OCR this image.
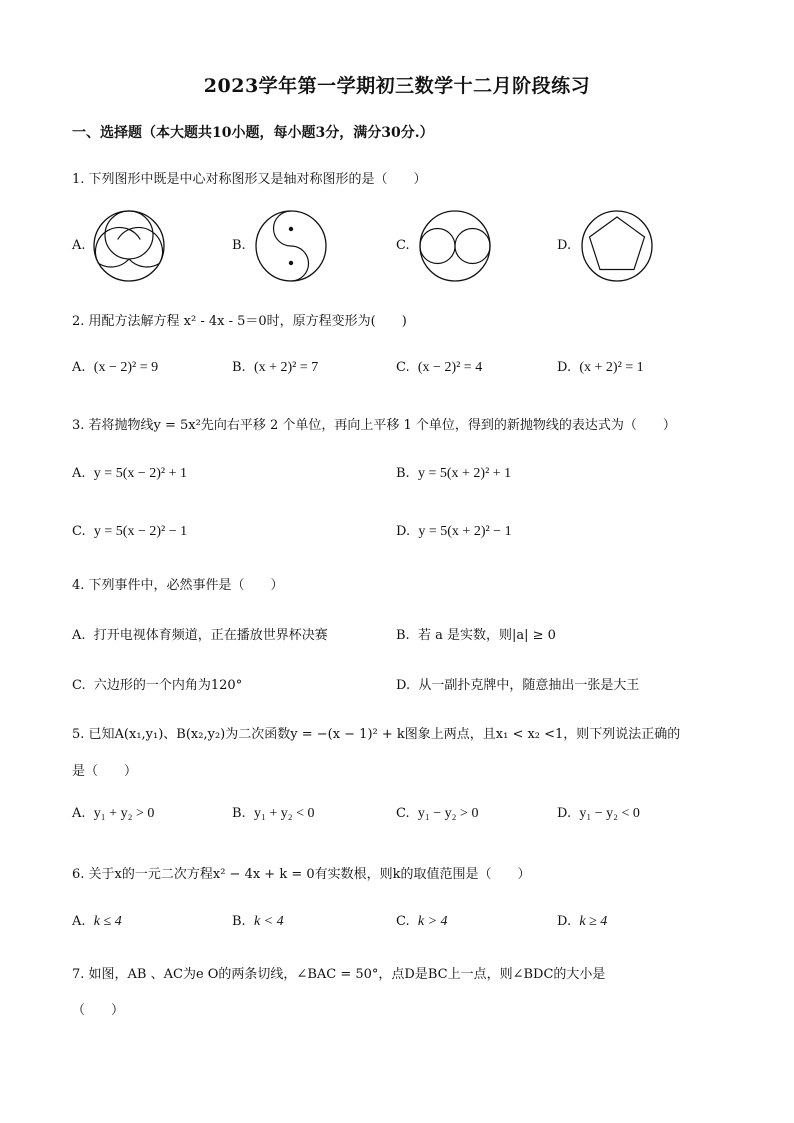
2023学年第一学期初三数学十二月阶段练习
一、选择题（本大题共10小题，每小题3分，满分30分.）
1. 下列图形中既是中心对称图形又是轴对称图形的是（　　）
A.	B.	C.	D.
2. 用配方法解方程 x² - 4x - 5＝0时，原方程变形为(　　)
A. (x − 2)² = 9	B. (x + 2)² = 7	C. (x − 2)² = 4	D. (x + 2)² = 1
3. 若将抛物线y = 5x²先向右平移 2 个单位，再向上平移 1 个单位，得到的新抛物线的表达式为（　　）
A. y = 5(x − 2)² + 1	B. y = 5(x + 2)² + 1
C. y = 5(x − 2)² − 1	D. y = 5(x + 2)² − 1
4. 下列事件中，必然事件是（　　）
A. 打开电视体育频道，正在播放世界杯决赛	B. 若 a 是实数，则|a| ≥ 0
C. 六边形的一个内角为120°	D. 从一副扑克牌中，随意抽出一张是大王
5. 已知A(x₁,y₁)、B(x₂,y₂)为二次函数y = −(x − 1)² + k图象上两点，且x₁ < x₂ <1，则下列说法正确的
是（　　）
A. y₁ + y₂ > 0	B. y₁ + y₂ < 0	C. y₁ − y₂ > 0	D. y₁ − y₂ < 0
6. 关于x的一元二次方程x² − 4x + k = 0有实数根，则k的取值范围是（　　）
A. k ≤ 4	B. k < 4	C. k > 4	D. k ≥ 4
7. 如图，AB 、AC为e O的两条切线，∠BAC = 50°，点D是BC上一点，则∠BDC的大小是
（　　）
